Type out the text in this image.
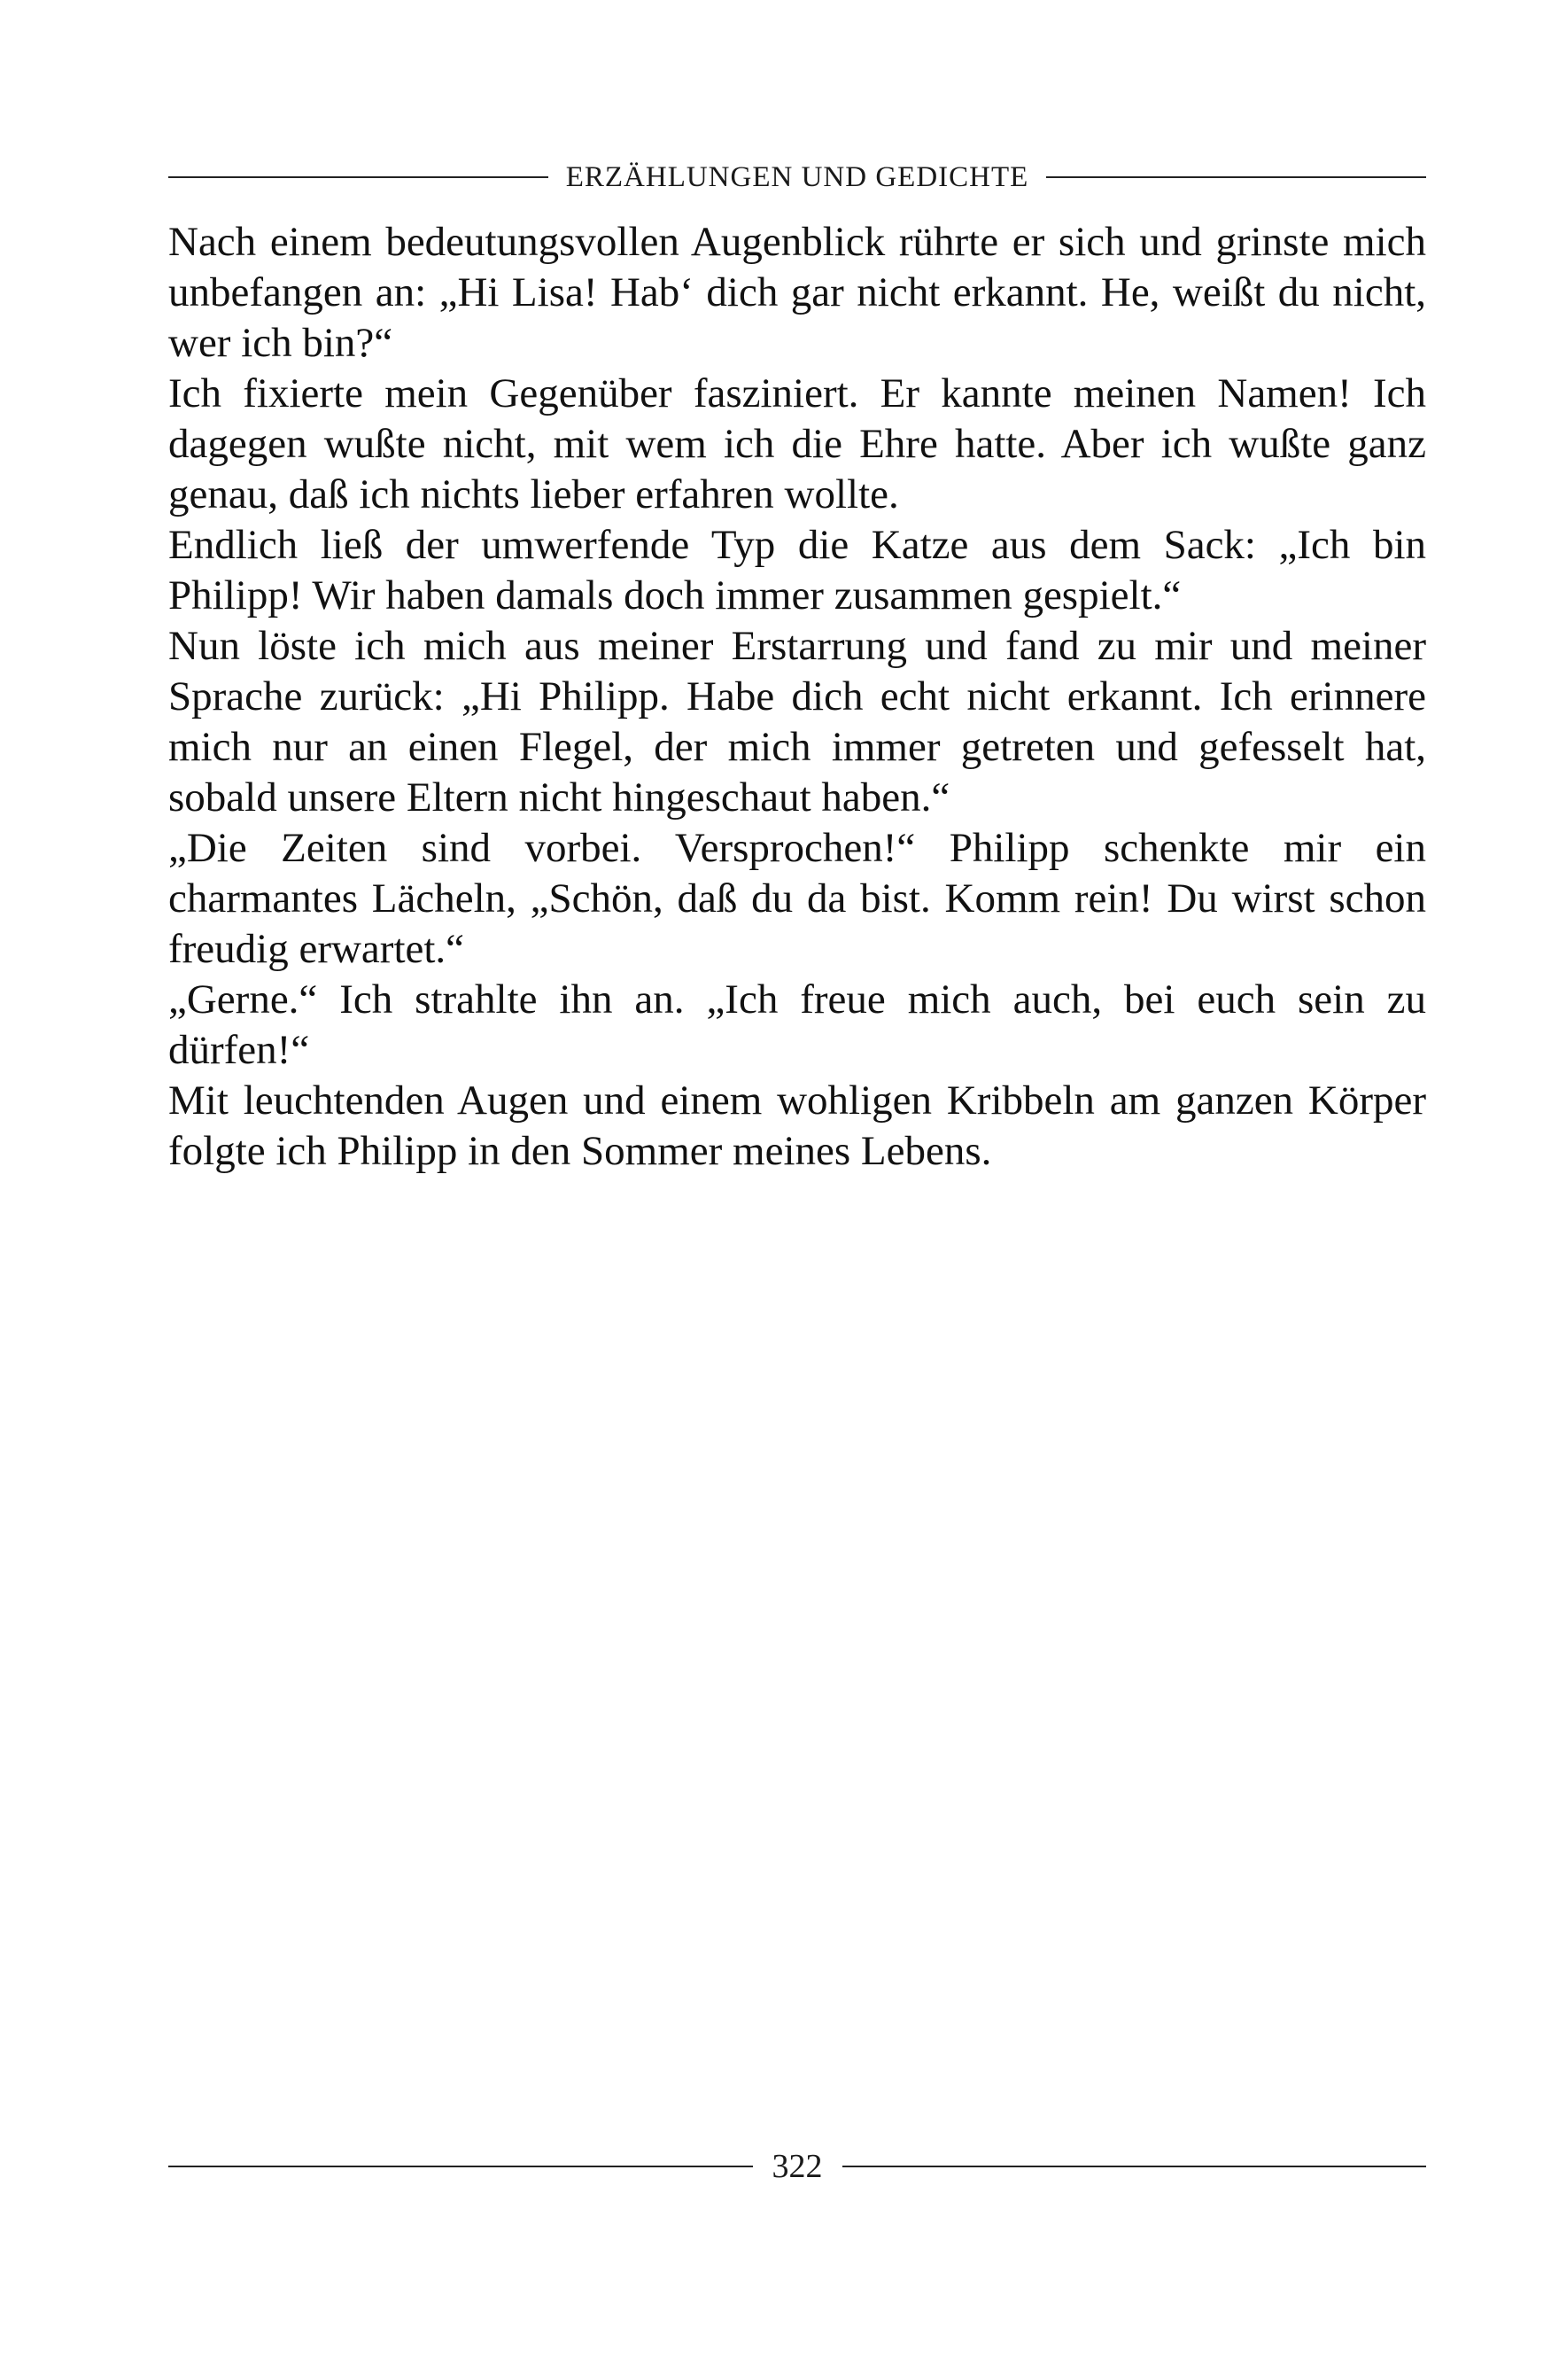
ERZÄHLUNGEN UND GEDICHTE

Nach einem bedeutungsvollen Augenblick rührte er sich und grinste mich unbefangen an: „Hi Lisa! Hab‘ dich gar nicht erkannt. He, weißt du nicht, wer ich bin?“

Ich fixierte mein Gegenüber fasziniert. Er kannte meinen Namen! Ich dagegen wußte nicht, mit wem ich die Ehre hatte. Aber ich wußte ganz genau, daß ich nichts lieber erfahren wollte.

Endlich ließ der umwerfende Typ die Katze aus dem Sack: „Ich bin Philipp! Wir haben damals doch immer zusammen gespielt.“

Nun löste ich mich aus meiner Erstarrung und fand zu mir und meiner Sprache zurück: „Hi Philipp. Habe dich echt nicht erkannt. Ich erinnere mich nur an einen Flegel, der mich immer getreten und gefesselt hat, sobald unsere Eltern nicht hingeschaut haben.“

„Die Zeiten sind vorbei. Versprochen!“ Philipp schenkte mir ein charmantes Lächeln, „Schön, daß du da bist. Komm rein! Du wirst schon freudig erwartet.“

„Gerne.“ Ich strahlte ihn an. „Ich freue mich auch, bei euch sein zu dürfen!“

Mit leuchtenden Augen und einem wohligen Kribbeln am ganzen Körper folgte ich Philipp in den Sommer meines Lebens.

322
